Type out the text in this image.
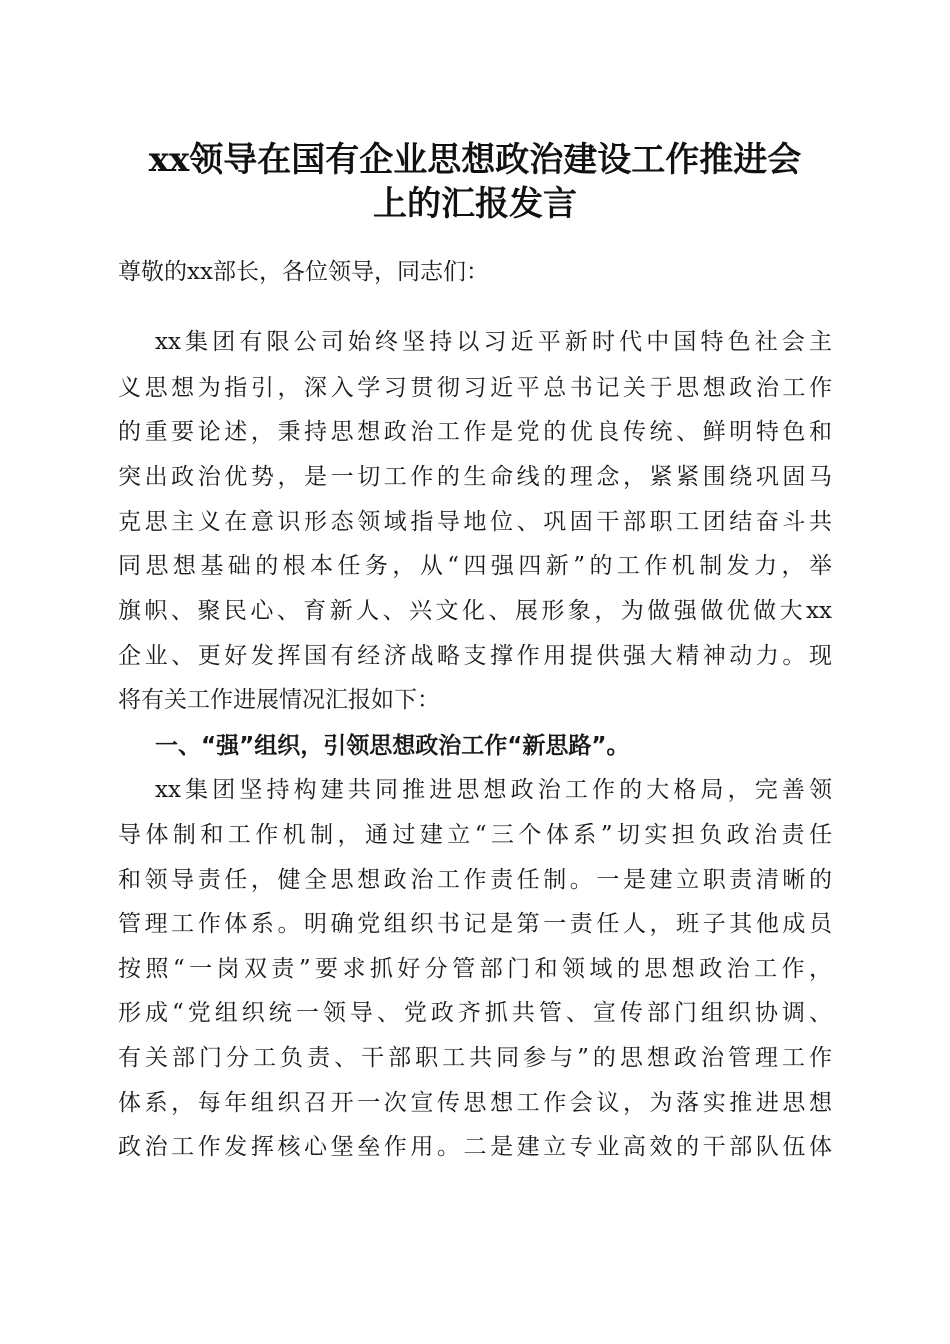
xx领导在国有企业思想政治建设工作推进会
上的汇报发言
尊敬的xx部长，各位领导，同志们：
xx集团有限公司始终坚持以习近平新时代中国特色社会主
义思想为指引，深入学习贯彻习近平总书记关于思想政治工作
的重要论述，秉持思想政治工作是党的优良传统、鲜明特色和
突出政治优势，是一切工作的生命线的理念，紧紧围绕巩固马
克思主义在意识形态领域指导地位、巩固干部职工团结奋斗共
同思想基础的根本任务，从“四强四新”的工作机制发力，举
旗帜、聚民心、育新人、兴文化、展形象，为做强做优做大xx
企业、更好发挥国有经济战略支撑作用提供强大精神动力。现
将有关工作进展情况汇报如下：
一、“强”组织，引领思想政治工作“新思路”。
xx集团坚持构建共同推进思想政治工作的大格局，完善领
导体制和工作机制，通过建立“三个体系”切实担负政治责任
和领导责任，健全思想政治工作责任制。一是建立职责清晰的
管理工作体系。明确党组织书记是第一责任人，班子其他成员
按照“一岗双责”要求抓好分管部门和领域的思想政治工作，
形成“党组织统一领导、党政齐抓共管、宣传部门组织协调、
有关部门分工负责、干部职工共同参与”的思想政治管理工作
体系，每年组织召开一次宣传思想工作会议，为落实推进思想
政治工作发挥核心堡垒作用。二是建立专业高效的干部队伍体
